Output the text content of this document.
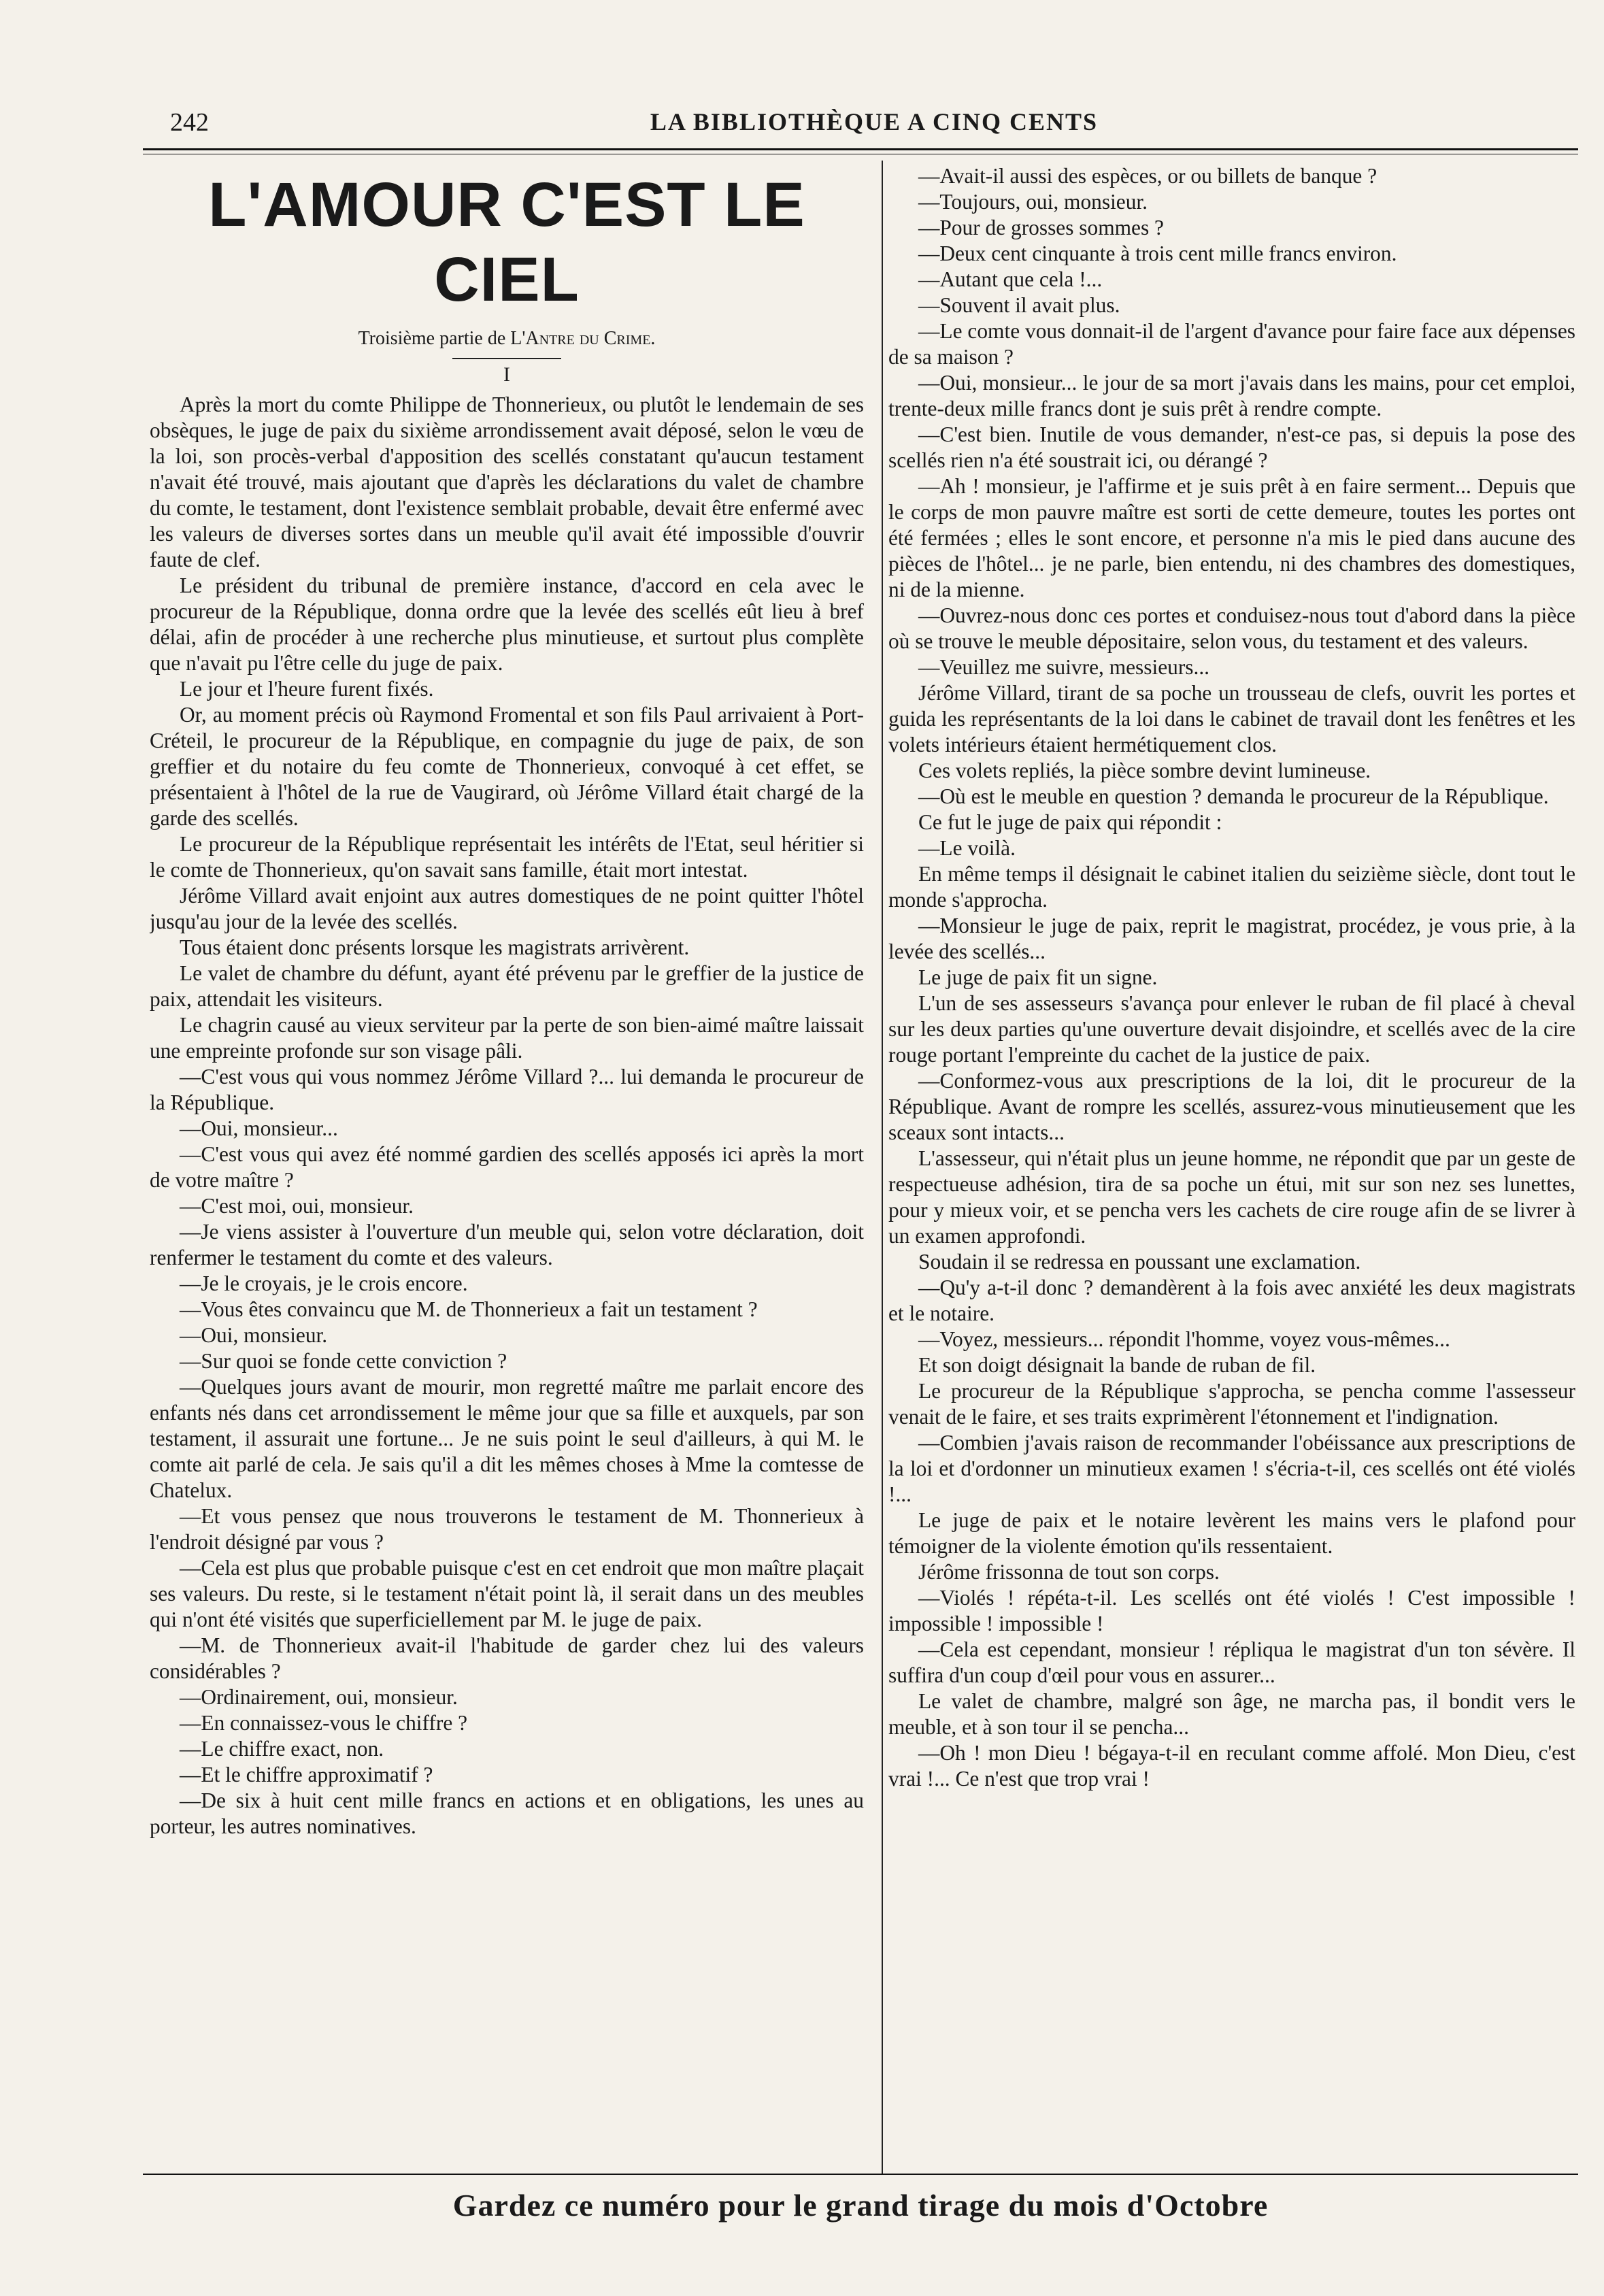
242	LA BIBLIOTHÈQUE A CINQ CENTS
L'AMOUR C'EST LE CIEL
Troisième partie de L'Antre du Crime.
I

Après la mort du comte Philippe de Thonnerieux, ou plutôt le lendemain de ses obsèques, le juge de paix du sixième arrondissement avait déposé, selon le vœu de la loi, son procès-verbal d'apposition des scellés constatant qu'aucun testament n'avait été trouvé, mais ajoutant que d'après les déclarations du valet de chambre du comte, le testament, dont l'existence semblait probable, devait être enfermé avec les valeurs de diverses sortes dans un meuble qu'il avait été impossible d'ouvrir faute de clef.

Le président du tribunal de première instance, d'accord en cela avec le procureur de la République, donna ordre que la levée des scellés eût lieu à bref délai, afin de procéder à une recherche plus minutieuse, et surtout plus complète que n'avait pu l'être celle du juge de paix.

Le jour et l'heure furent fixés.

Or, au moment précis où Raymond Fromental et son fils Paul arrivaient à Port-Créteil, le procureur de la République, en compagnie du juge de paix, de son greffier et du notaire du feu comte de Thonnerieux, convoqué à cet effet, se présentaient à l'hôtel de la rue de Vaugirard, où Jérôme Villard était chargé de la garde des scellés.

Le procureur de la République représentait les intérêts de l'Etat, seul héritier si le comte de Thonnerieux, qu'on savait sans famille, était mort intestat.

Jérôme Villard avait enjoint aux autres domestiques de ne point quitter l'hôtel jusqu'au jour de la levée des scellés.

Tous étaient donc présents lorsque les magistrats arrivèrent.

Le valet de chambre du défunt, ayant été prévenu par le greffier de la justice de paix, attendait les visiteurs.

Le chagrin causé au vieux serviteur par la perte de son bien-aimé maître laissait une empreinte profonde sur son visage pâli.

—C'est vous qui vous nommez Jérôme Villard ?... lui demanda le procureur de la République.

—Oui, monsieur...

—C'est vous qui avez été nommé gardien des scellés apposés ici après la mort de votre maître ?

—C'est moi, oui, monsieur.

—Je viens assister à l'ouverture d'un meuble qui, selon votre déclaration, doit renfermer le testament du comte et des valeurs.

—Je le croyais, je le crois encore.

—Vous êtes convaincu que M. de Thonnerieux a fait un testament ?

—Oui, monsieur.

—Sur quoi se fonde cette conviction ?

—Quelques jours avant de mourir, mon regretté maître me parlait encore des enfants nés dans cet arrondissement le même jour que sa fille et auxquels, par son testament, il assurait une fortune... Je ne suis point le seul d'ailleurs, à qui M. le comte ait parlé de cela. Je sais qu'il a dit les mêmes choses à Mme la comtesse de Chatelux.

—Et vous pensez que nous trouverons le testament de M. Thonnerieux à l'endroit désigné par vous ?

—Cela est plus que probable puisque c'est en cet endroit que mon maître plaçait ses valeurs. Du reste, si le testament n'était point là, il serait dans un des meubles qui n'ont été visités que superficiellement par M. le juge de paix.

—M. de Thonnerieux avait-il l'habitude de garder chez lui des valeurs considérables ?

—Ordinairement, oui, monsieur.

—En connaissez-vous le chiffre ?

—Le chiffre exact, non.

—Et le chiffre approximatif ?

—De six à huit cent mille francs en actions et en obligations, les unes au porteur, les autres nominatives.

—Avait-il aussi des espèces, or ou billets de banque ?

—Toujours, oui, monsieur.

—Pour de grosses sommes ?

—Deux cent cinquante à trois cent mille francs environ.

—Autant que cela !...

—Souvent il avait plus.

—Le comte vous donnait-il de l'argent d'avance pour faire face aux dépenses de sa maison ?

—Oui, monsieur... le jour de sa mort j'avais dans les mains, pour cet emploi, trente-deux mille francs dont je suis prêt à rendre compte.

—C'est bien. Inutile de vous demander, n'est-ce pas, si depuis la pose des scellés rien n'a été soustrait ici, ou dérangé ?

—Ah ! monsieur, je l'affirme et je suis prêt à en faire serment... Depuis que le corps de mon pauvre maître est sorti de cette demeure, toutes les portes ont été fermées ; elles le sont encore, et personne n'a mis le pied dans aucune des pièces de l'hôtel... je ne parle, bien entendu, ni des chambres des domestiques, ni de la mienne.

—Ouvrez-nous donc ces portes et conduisez-nous tout d'abord dans la pièce où se trouve le meuble dépositaire, selon vous, du testament et des valeurs.

—Veuillez me suivre, messieurs...

Jérôme Villard, tirant de sa poche un trousseau de clefs, ouvrit les portes et guida les représentants de la loi dans le cabinet de travail dont les fenêtres et les volets intérieurs étaient hermétiquement clos.

Ces volets repliés, la pièce sombre devint lumineuse.

—Où est le meuble en question ? demanda le procureur de la République.

Ce fut le juge de paix qui répondit :

—Le voilà.

En même temps il désignait le cabinet italien du seizième siècle, dont tout le monde s'approcha.

—Monsieur le juge de paix, reprit le magistrat, procédez, je vous prie, à la levée des scellés...

Le juge de paix fit un signe.

L'un de ses assesseurs s'avança pour enlever le ruban de fil placé à cheval sur les deux parties qu'une ouverture devait disjoindre, et scellés avec de la cire rouge portant l'empreinte du cachet de la justice de paix.

—Conformez-vous aux prescriptions de la loi, dit le procureur de la République. Avant de rompre les scellés, assurez-vous minutieusement que les sceaux sont intacts...

L'assesseur, qui n'était plus un jeune homme, ne répondit que par un geste de respectueuse adhésion, tira de sa poche un étui, mit sur son nez ses lunettes, pour y mieux voir, et se pencha vers les cachets de cire rouge afin de se livrer à un examen approfondi.

Soudain il se redressa en poussant une exclamation.

—Qu'y a-t-il donc ? demandèrent à la fois avec anxiété les deux magistrats et le notaire.

—Voyez, messieurs... répondit l'homme, voyez vous-mêmes...

Et son doigt désignait la bande de ruban de fil.

Le procureur de la République s'approcha, se pencha comme l'assesseur venait de le faire, et ses traits exprimèrent l'étonnement et l'indignation.

—Combien j'avais raison de recommander l'obéissance aux prescriptions de la loi et d'ordonner un minutieux examen ! s'écria-t-il, ces scellés ont été violés !...

Le juge de paix et le notaire levèrent les mains vers le plafond pour témoigner de la violente émotion qu'ils ressentaient.

Jérôme frissonna de tout son corps.

—Violés ! répéta-t-il. Les scellés ont été violés ! C'est impossible ! impossible ! impossible !

—Cela est cependant, monsieur ! répliqua le magistrat d'un ton sévère. Il suffira d'un coup d'œil pour vous en assurer...

Le valet de chambre, malgré son âge, ne marcha pas, il bondit vers le meuble, et à son tour il se pencha...

—Oh ! mon Dieu ! bégaya-t-il en reculant comme affolé. Mon Dieu, c'est vrai !... Ce n'est que trop vrai !

Gardez ce numéro pour le grand tirage du mois d'Octobre
